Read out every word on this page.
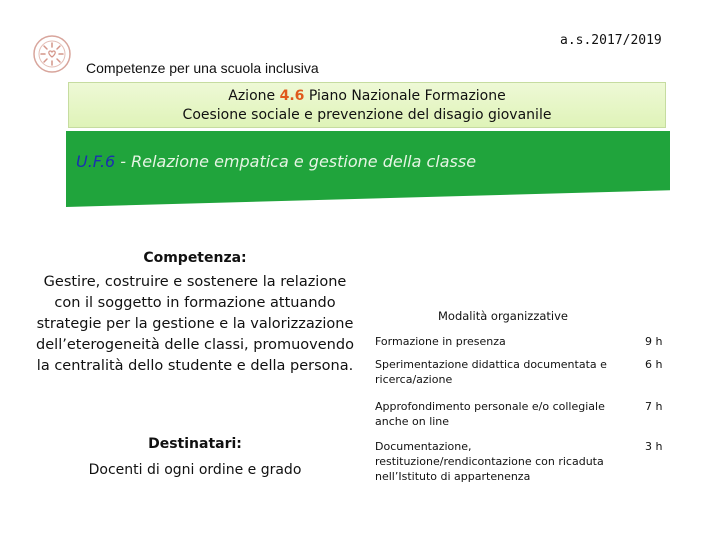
a.s.2017/2019
Competenze per una scuola inclusiva
Azione 4.6 Piano Nazionale Formazione
Coesione sociale e prevenzione del disagio giovanile
U.F.6 - Relazione empatica e gestione della classe
Competenza:
Gestire, costruire e sostenere la relazione con il soggetto in formazione attuando strategie per la gestione e la valorizzazione dell’eterogeneità delle classi, promuovendo la centralità dello studente e della persona.
Destinatari:
Docenti di ogni ordine e grado
Modalità organizzative
Formazione in presenza	9 h
Sperimentazione didattica documentata e ricerca/azione
6 h
Approfondimento personale e/o collegiale anche on line
7 h
Documentazione, restituzione/rendicontazione con ricaduta nell’Istituto di appartenenza
3 h
